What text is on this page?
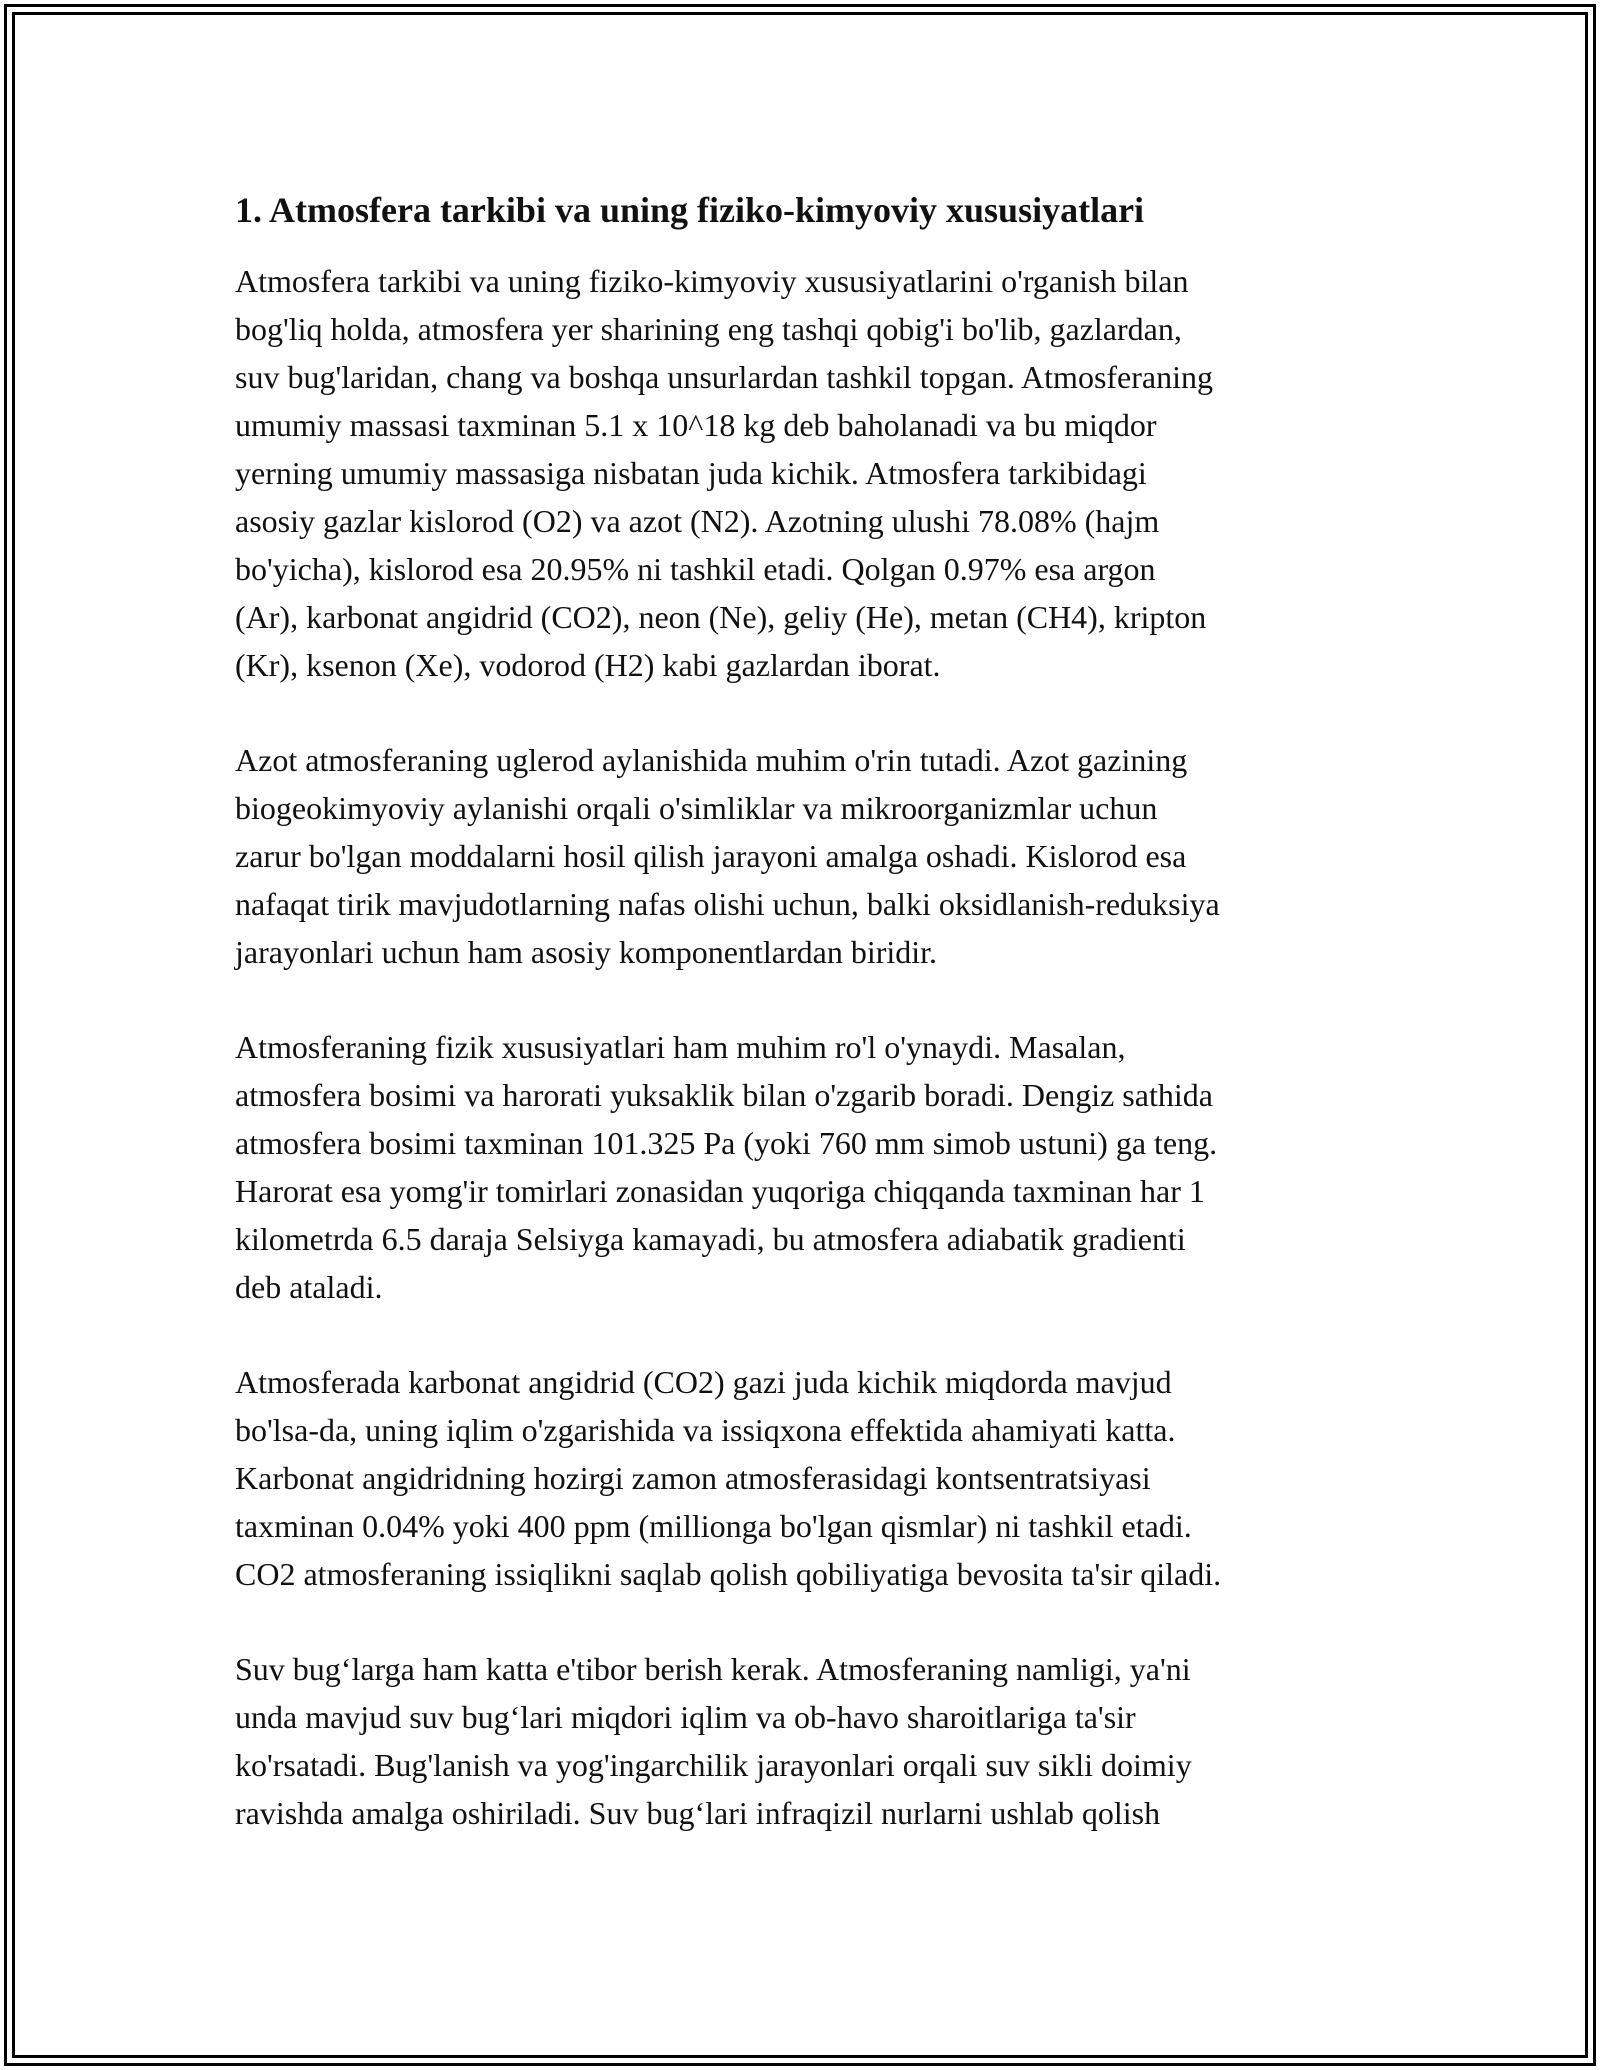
1. Atmosfera tarkibi va uning fiziko-kimyoviy xususiyatlari

Atmosfera tarkibi va uning fiziko-kimyoviy xususiyatlarini o'rganish bilan
bog'liq holda, atmosfera yer sharining eng tashqi qobig'i bo'lib, gazlardan,
suv bug'laridan, chang va boshqa unsurlardan tashkil topgan. Atmosferaning
umumiy massasi taxminan 5.1 x 10^18 kg deb baholanadi va bu miqdor
yerning umumiy massasiga nisbatan juda kichik. Atmosfera tarkibidagi
asosiy gazlar kislorod (O2) va azot (N2). Azotning ulushi 78.08% (hajm
bo'yicha), kislorod esa 20.95% ni tashkil etadi. Qolgan 0.97% esa argon
(Ar), karbonat angidrid (CO2), neon (Ne), geliy (He), metan (CH4), kripton
(Kr), ksenon (Xe), vodorod (H2) kabi gazlardan iborat.

Azot atmosferaning uglerod aylanishida muhim o'rin tutadi. Azot gazining
biogeokimyoviy aylanishi orqali o'simliklar va mikroorganizmlar uchun
zarur bo'lgan moddalarni hosil qilish jarayoni amalga oshadi. Kislorod esa
nafaqat tirik mavjudotlarning nafas olishi uchun, balki oksidlanish-reduksiya
jarayonlari uchun ham asosiy komponentlardan biridir.

Atmosferaning fizik xususiyatlari ham muhim ro'l o'ynaydi. Masalan,
atmosfera bosimi va harorati yuksaklik bilan o'zgarib boradi. Dengiz sathida
atmosfera bosimi taxminan 101.325 Pa (yoki 760 mm simob ustuni) ga teng.
Harorat esa yomg'ir tomirlari zonasidan yuqoriga chiqqanda taxminan har 1
kilometrda 6.5 daraja Selsiyga kamayadi, bu atmosfera adiabatik gradienti
deb ataladi.

Atmosferada karbonat angidrid (CO2) gazi juda kichik miqdorda mavjud
bo'lsa-da, uning iqlim o'zgarishida va issiqxona effektida ahamiyati katta.
Karbonat angidridning hozirgi zamon atmosferasidagi kontsentratsiyasi
taxminan 0.04% yoki 400 ppm (millionga bo'lgan qismlar) ni tashkil etadi.
CO2 atmosferaning issiqlikni saqlab qolish qobiliyatiga bevosita ta'sir qiladi.

Suv bug‘larga ham katta e'tibor berish kerak. Atmosferaning namligi, ya'ni
unda mavjud suv bug‘lari miqdori iqlim va ob-havo sharoitlariga ta'sir
ko'rsatadi. Bug'lanish va yog'ingarchilik jarayonlari orqali suv sikli doimiy
ravishda amalga oshiriladi. Suv bug‘lari infraqizil nurlarni ushlab qolish
